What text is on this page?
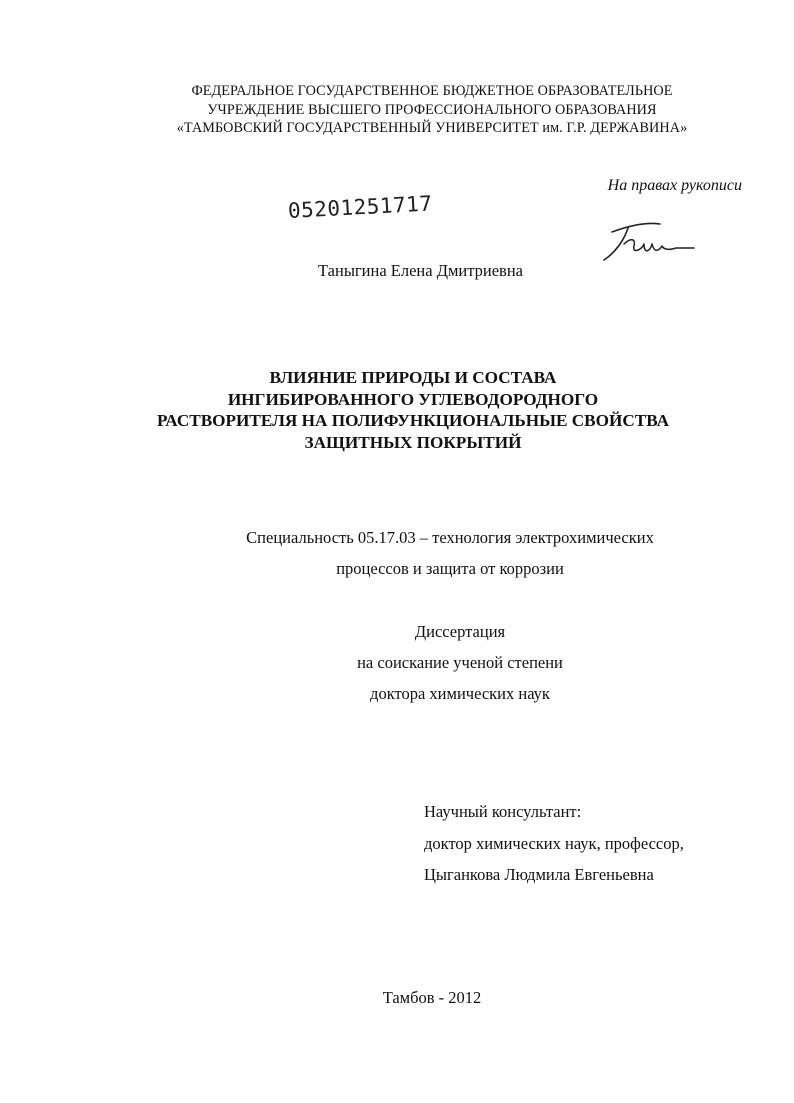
ФЕДЕРАЛЬНОЕ ГОСУДАРСТВЕННОЕ БЮДЖЕТНОЕ ОБРАЗОВАТЕЛЬНОЕ
УЧРЕЖДЕНИЕ ВЫСШЕГО ПРОФЕССИОНАЛЬНОГО ОБРАЗОВАНИЯ
«ТАМБОВСКИЙ ГОСУДАРСТВЕННЫЙ УНИВЕРСИТЕТ им. Г.Р. ДЕРЖАВИНА»
На правах рукописи
05201251717
Таныгина Елена Дмитриевна
ВЛИЯНИЕ ПРИРОДЫ И СОСТАВА
ИНГИБИРОВАННОГО УГЛЕВОДОРОДНОГО
РАСТВОРИТЕЛЯ НА ПОЛИФУНКЦИОНАЛЬНЫЕ СВОЙСТВА
ЗАЩИТНЫХ ПОКРЫТИЙ
Специальность 05.17.03 – технология электрохимических
процессов и защита от коррозии
Диссертация
на соискание ученой степени
доктора химических наук
Научный консультант:
доктор химических наук, профессор,
Цыганкова Людмила Евгеньевна
Тамбов - 2012
